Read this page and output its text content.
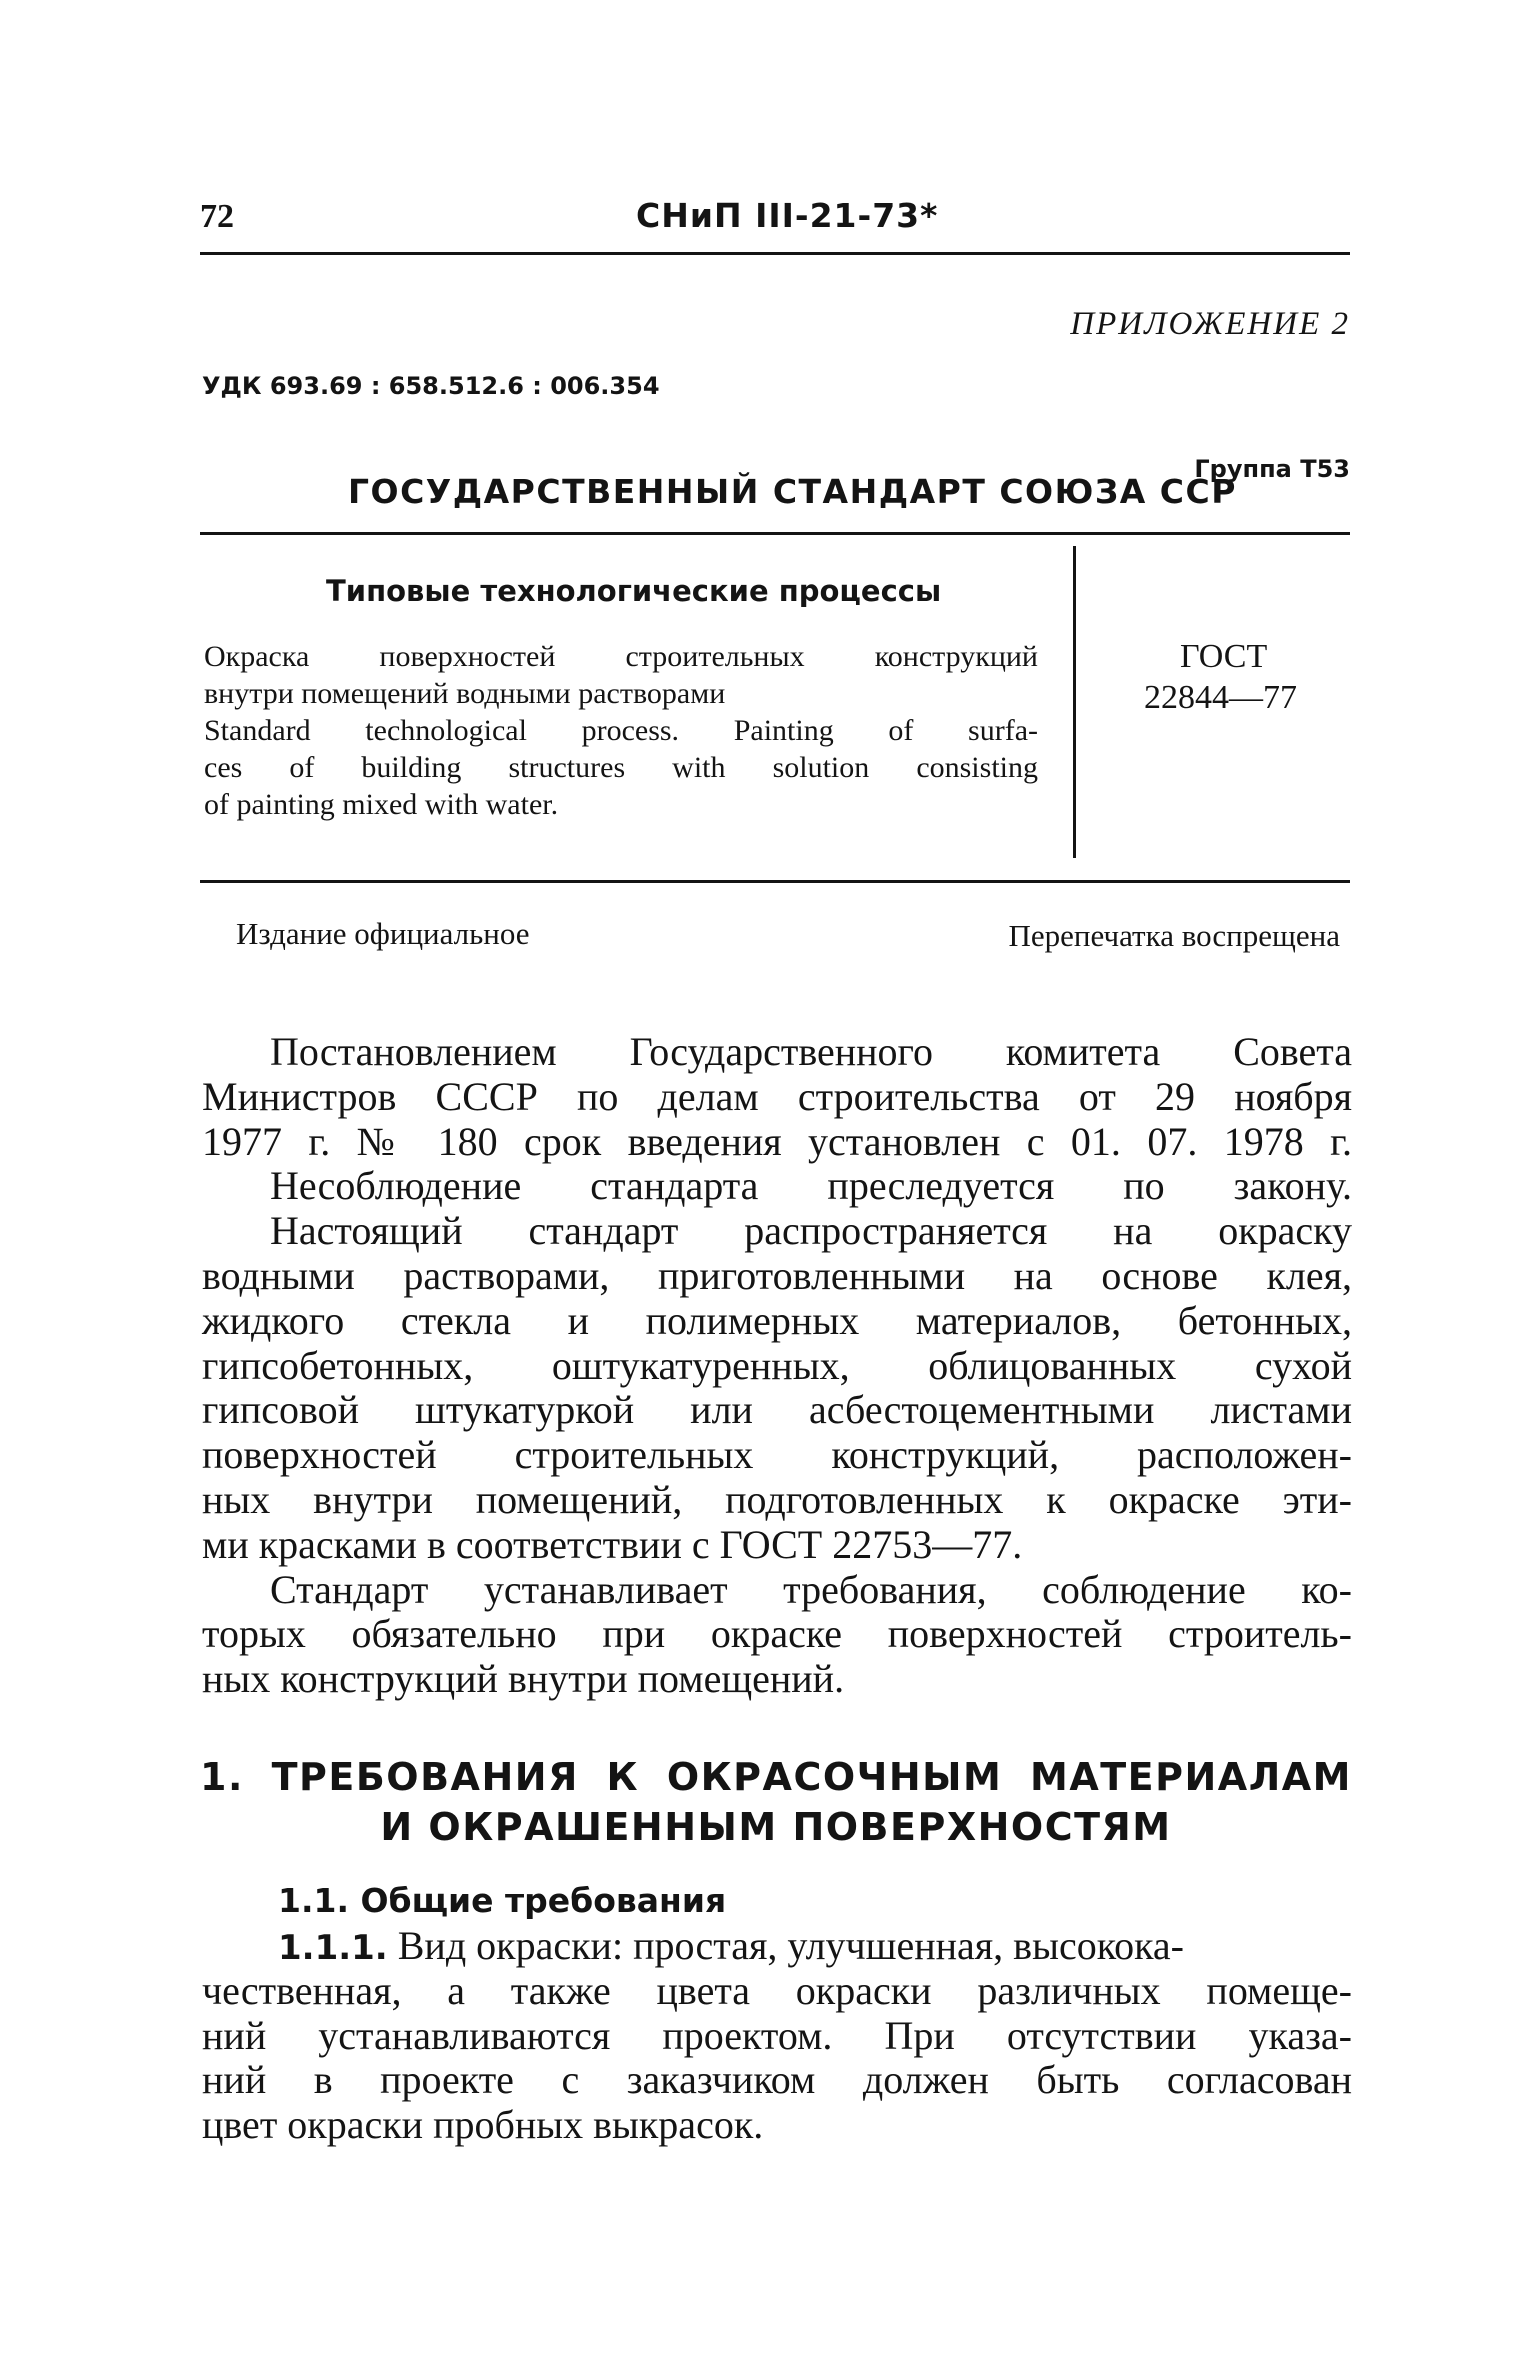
72	СНиП III-21-73*
ПРИЛОЖЕНИЕ 2
УДК 693.69 : 658.512.6 : 006.354
Группа Т53
ГОСУДАРСТВЕННЫЙ СТАНДАРТ СОЮЗА ССР
Типовые технологические процессы
Окраска поверхностей строительных конструкций
внутри помещений водными растворами
Standard technological process. Painting of surfa-
ces of building structures with solution consisting
of painting mixed with water.
ГОСТ
22844—77
Издание официальное	Перепечатка воспрещена
Постановлением Государственного комитета Совета
Министров СССР по делам строительства от 29 ноября
1977 г. № 180 срок введения установлен с 01. 07. 1978 г.
Несоблюдение стандарта преследуется по закону.
Настоящий стандарт распространяется на окраску
водными растворами, приготовленными на основе клея,
жидкого стекла и полимерных материалов, бетонных,
гипсобетонных, оштукатуренных, облицованных сухой
гипсовой штукатуркой или асбестоцементными листами
поверхностей строительных конструкций, расположен-
ных внутри помещений, подготовленных к окраске эти-
ми красками в соответствии с ГОСТ 22753—77.
Стандарт устанавливает требования, соблюдение ко-
торых обязательно при окраске поверхностей строитель-
ных конструкций внутри помещений.
1. ТРЕБОВАНИЯ К ОКРАСОЧНЫМ МАТЕРИАЛАМ
И ОКРАШЕННЫМ ПОВЕРХНОСТЯМ
1.1. Общие требования
1.1.1. Вид окраски: простая, улучшенная, высокока-
чественная, а также цвета окраски различных помеще-
ний устанавливаются проектом. При отсутствии указа-
ний в проекте с заказчиком должен быть согласован
цвет окраски пробных выкрасок.
